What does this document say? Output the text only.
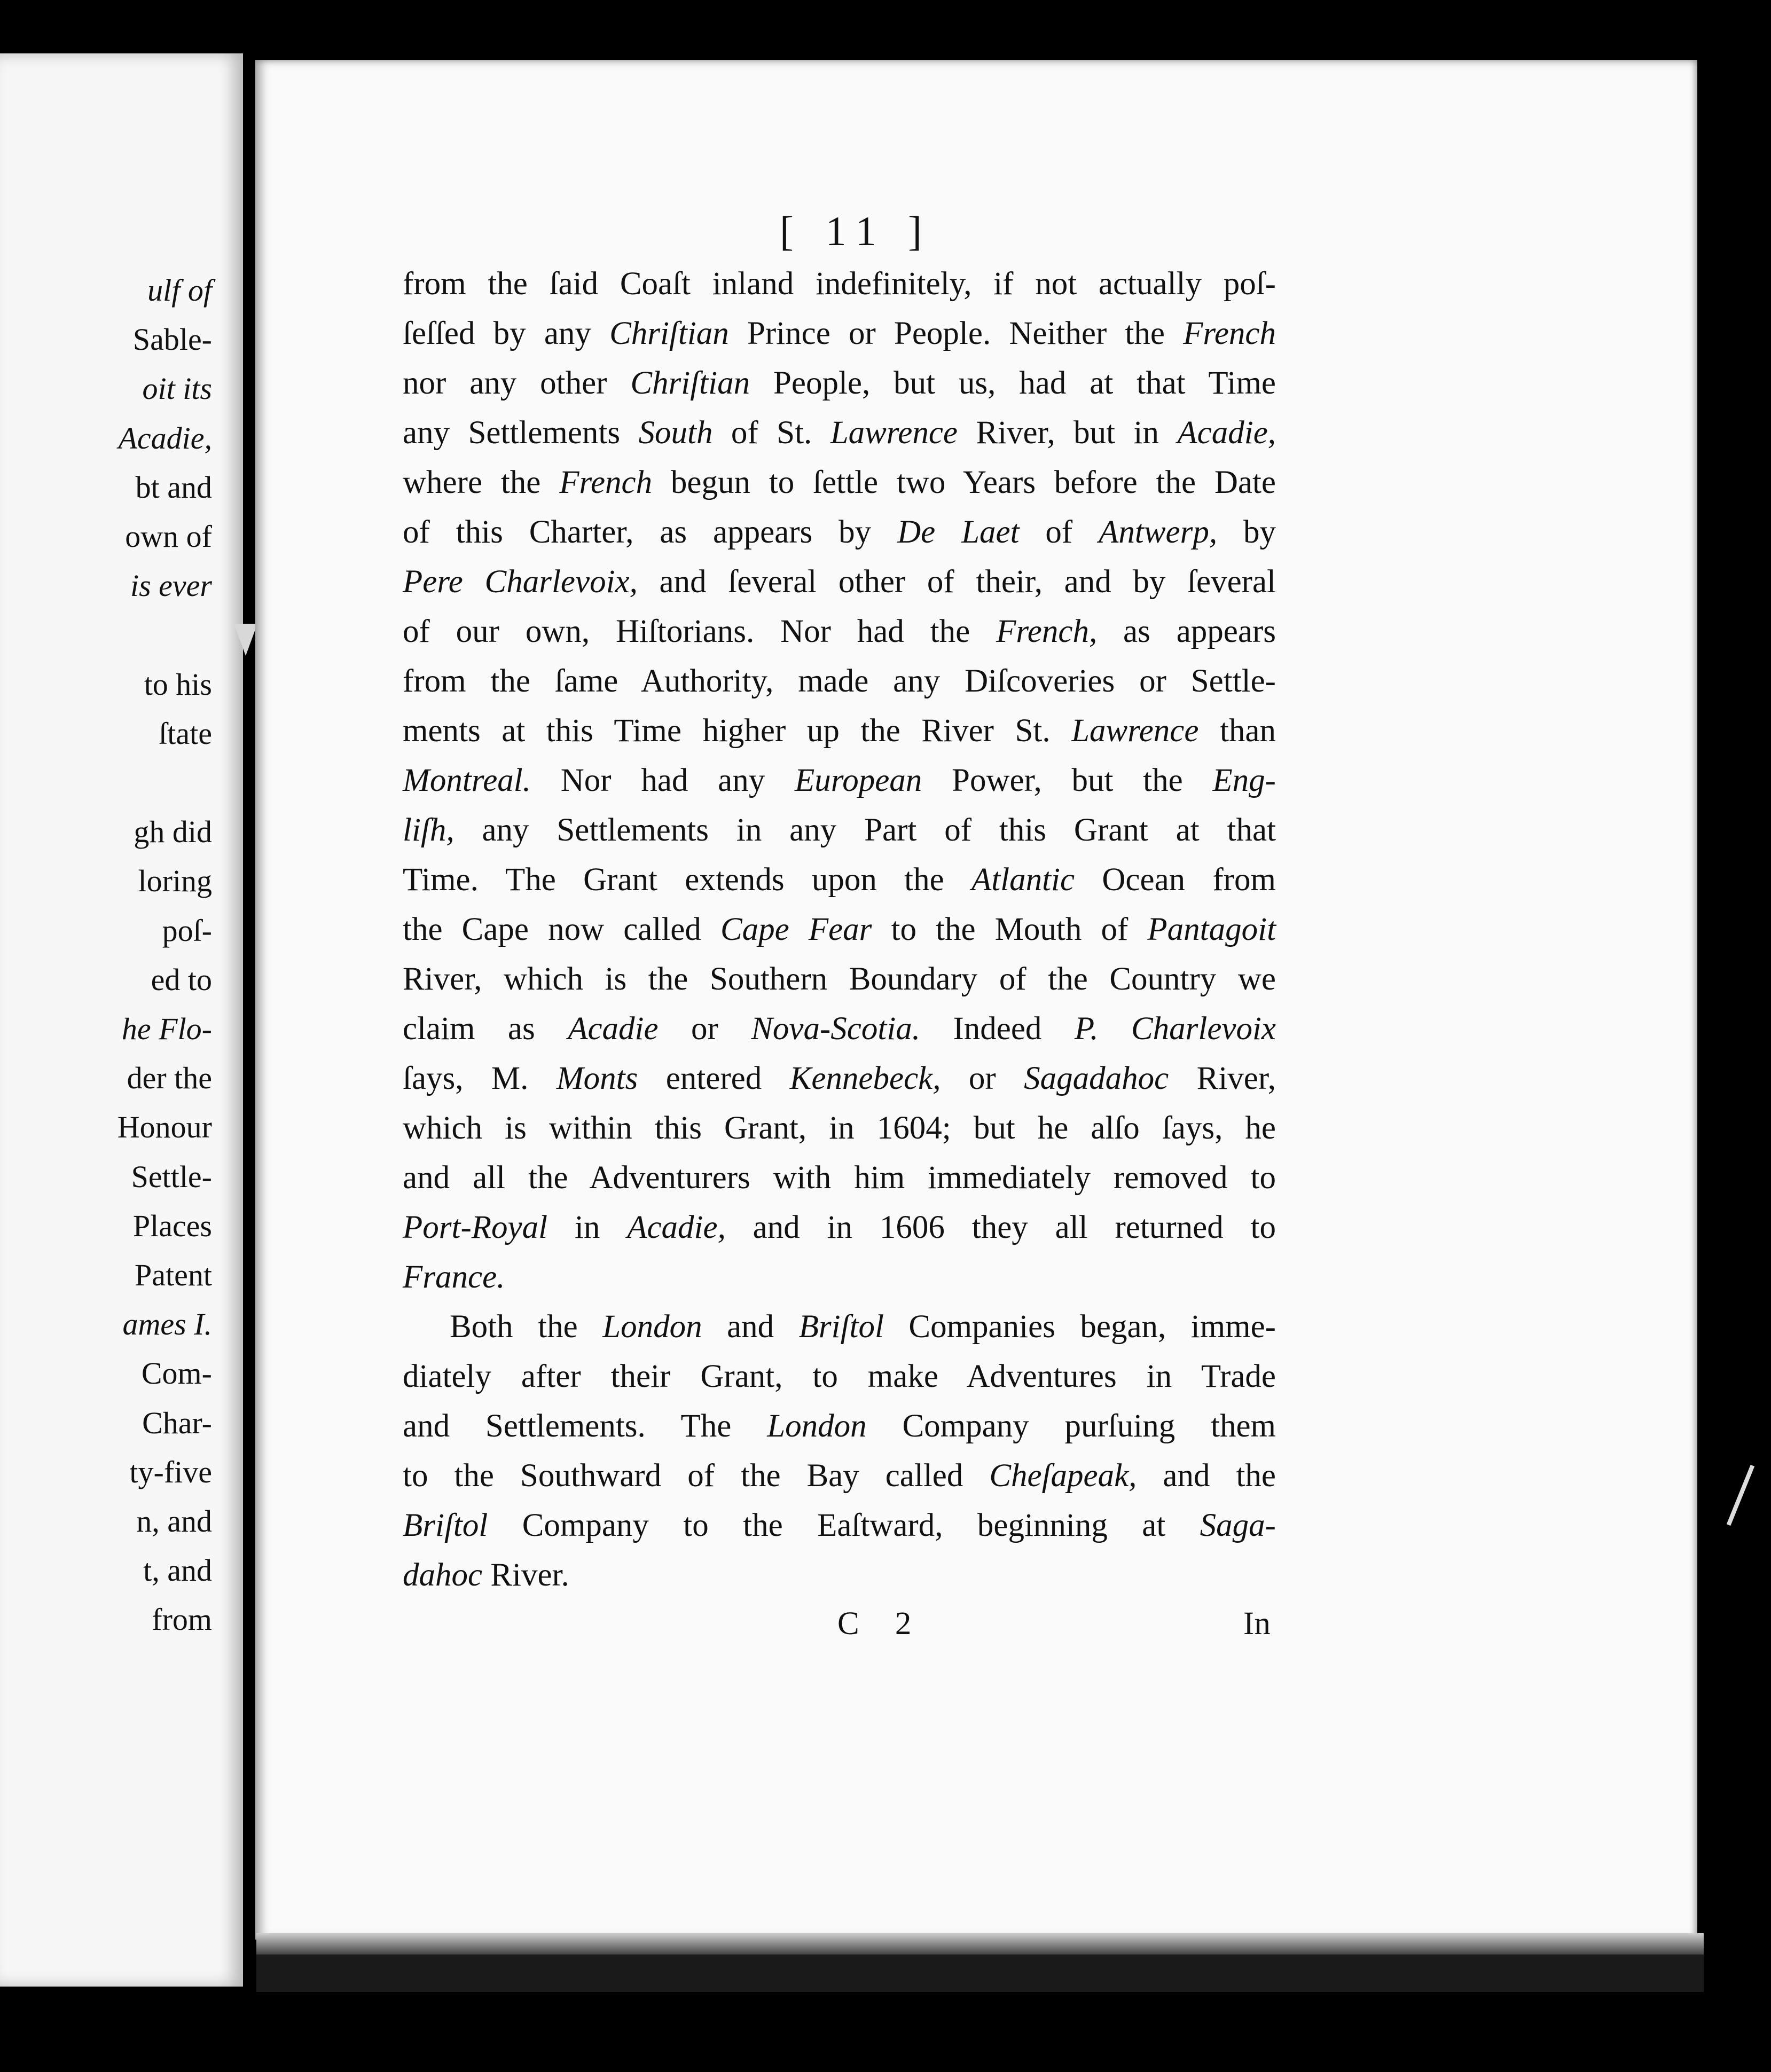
ulf of
Sable-
oit its
Acadie,
bt and
own of
is ever
to his
ſtate
gh did
loring
poſ-
ed to
he Flo-
der the
Honour
Settle-
Places
Patent
ames I.
Com-
Char-
ty-five
n, and
t, and
from
[ 11 ]
from the ſaid Coaſt inland indefinitely, if not actually poſ-
ſeſſed by any Chriſtian Prince or People. Neither the French
nor any other Chriſtian People, but us, had at that Time
any Settlements South of St. Lawrence River, but in Acadie,
where the French begun to ſettle two Years before the Date
of this Charter, as appears by De Laet of Antwerp, by
Pere Charlevoix, and ſeveral other of their, and by ſeveral
of our own, Hiſtorians. Nor had the French, as appears
from the ſame Authority, made any Diſcoveries or Settle-
ments at this Time higher up the River St. Lawrence than
Montreal. Nor had any European Power, but the Eng-
liſh, any Settlements in any Part of this Grant at that
Time. The Grant extends upon the Atlantic Ocean from
the Cape now called Cape Fear to the Mouth of Pantagoit
River, which is the Southern Boundary of the Country we
claim as Acadie or Nova-Scotia. Indeed P. Charlevoix
ſays, M. Monts entered Kennebeck, or Sagadahoc River,
which is within this Grant, in 1604; but he alſo ſays, he
and all the Adventurers with him immediately removed to
Port-Royal in Acadie, and in 1606 they all returned to
France.
Both the London and Briſtol Companies began, imme-
diately after their Grant, to make Adventures in Trade
and Settlements. The London Company purſuing them
to the Southward of the Bay called Cheſapeak, and the
Briſtol Company to the Eaſtward, beginning at Saga-
dahoc River.
C 2	In
